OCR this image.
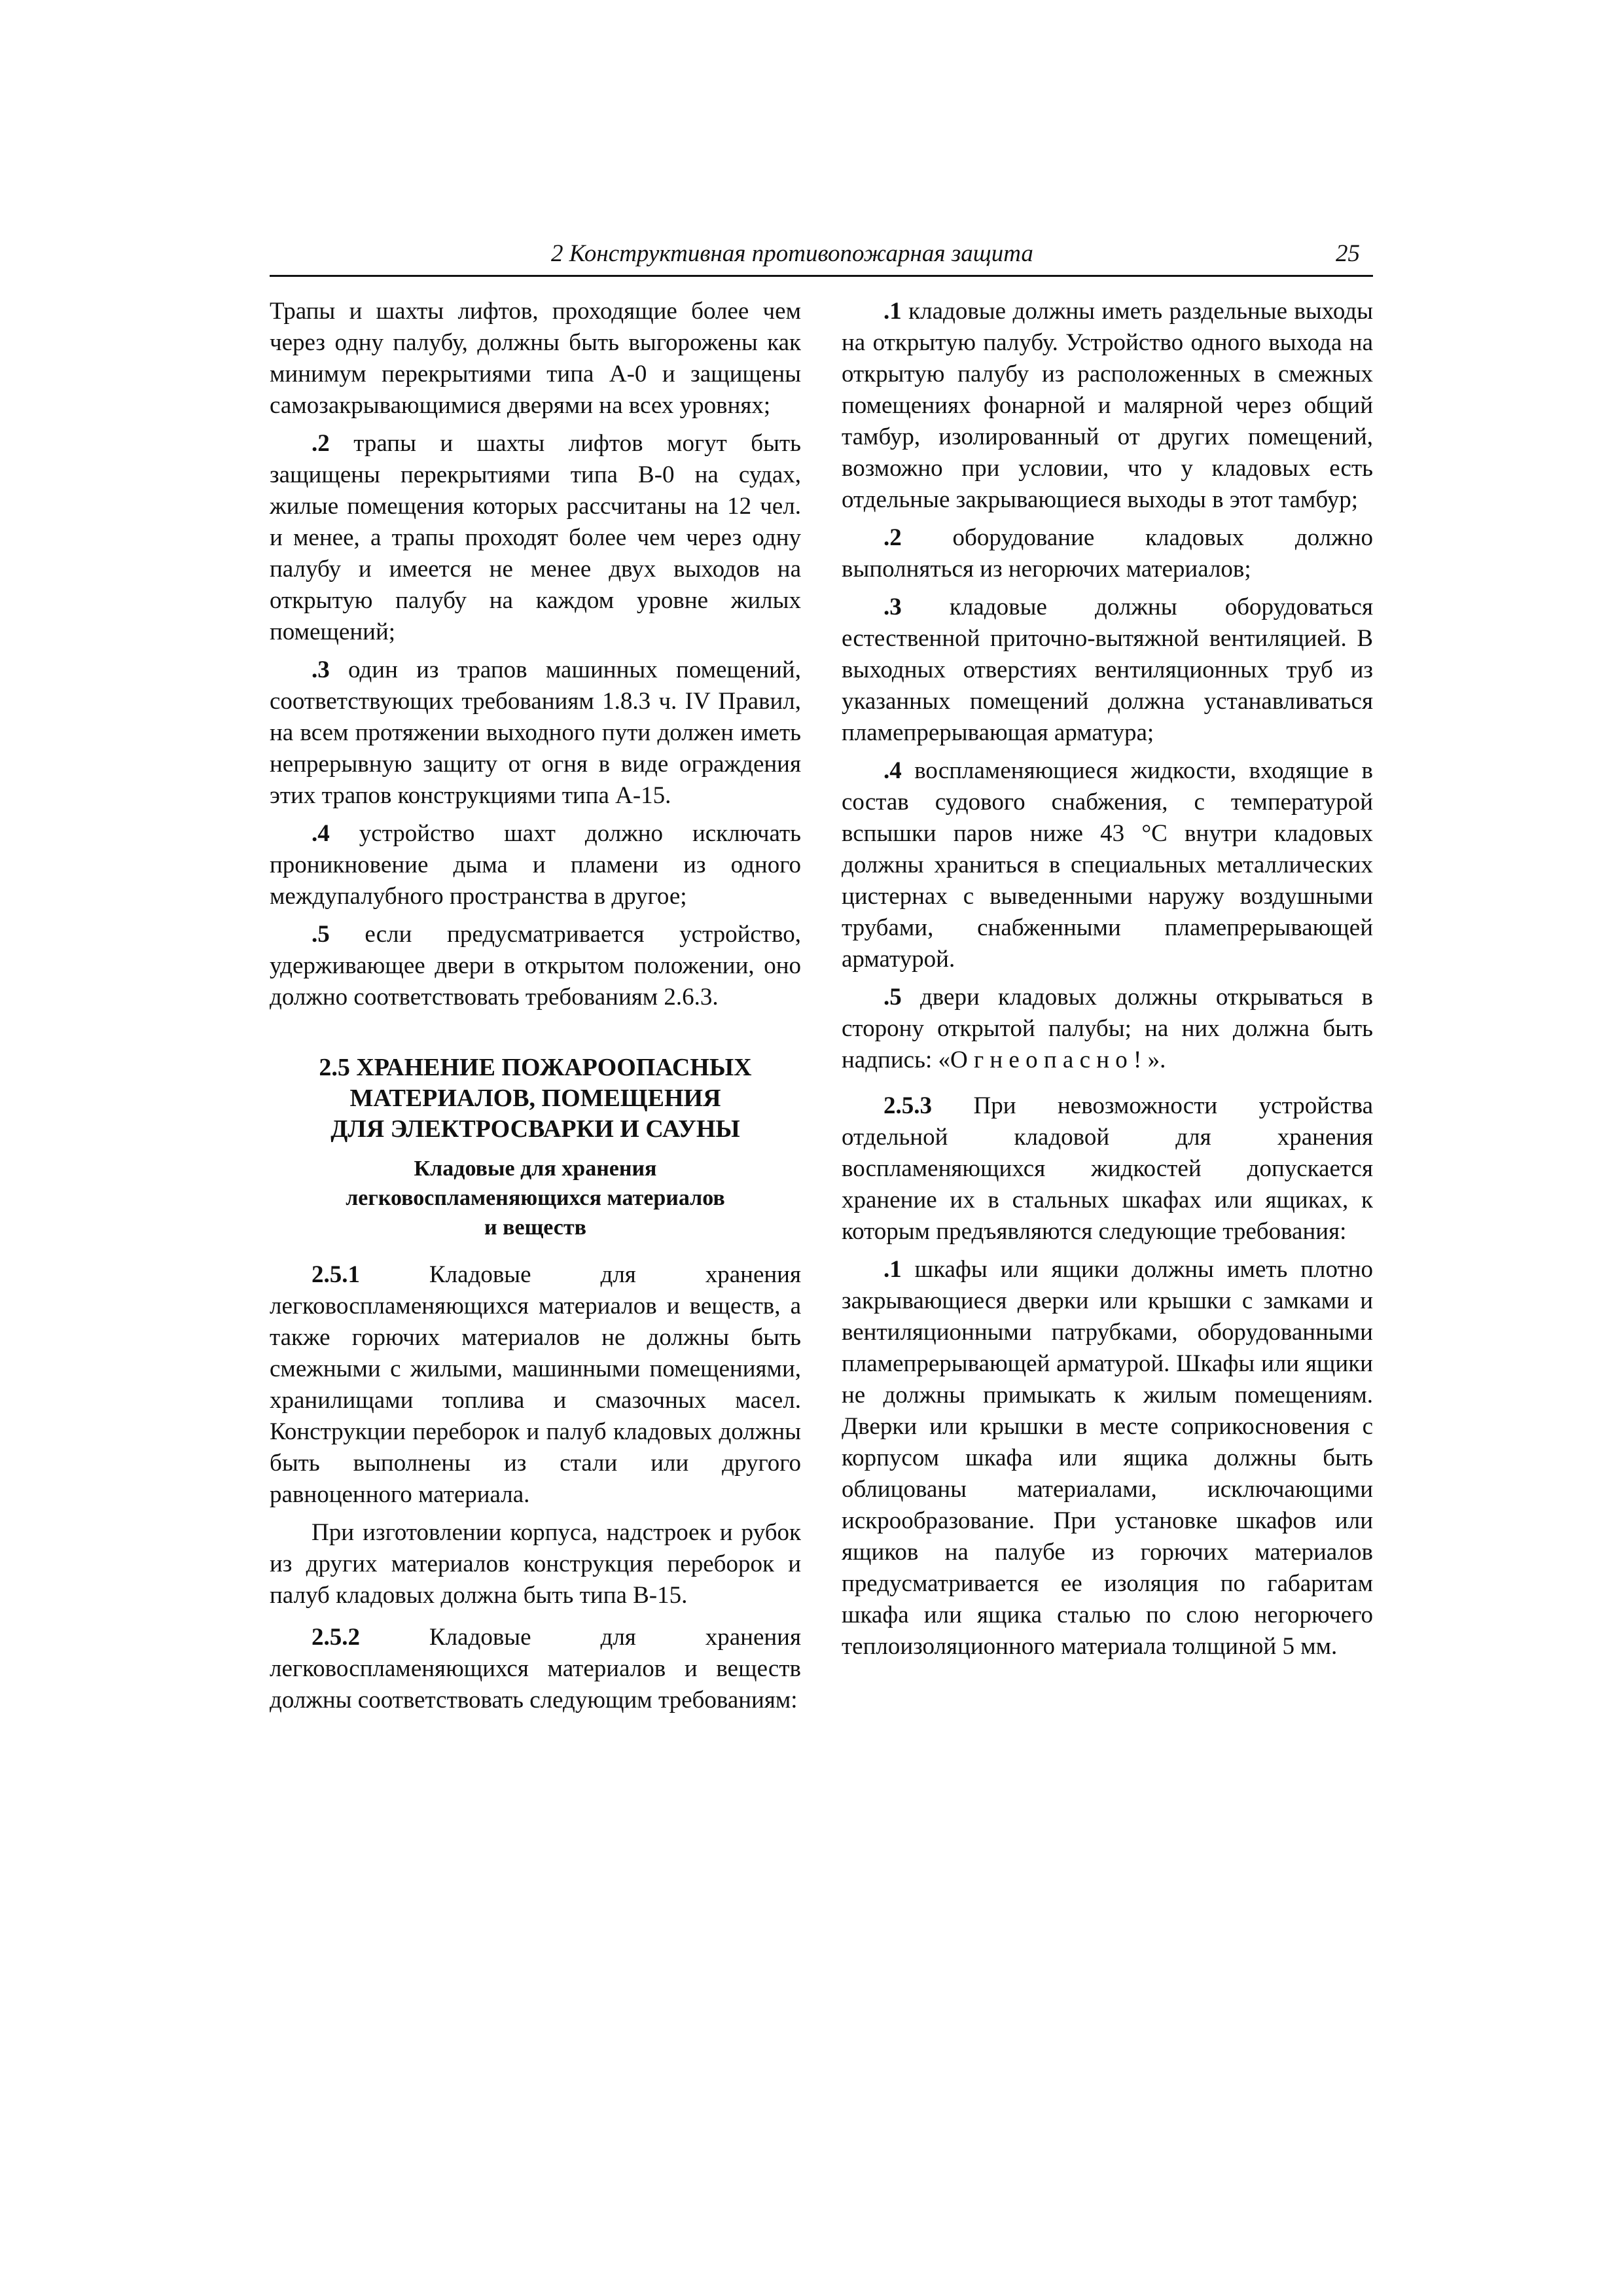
2 Конструктивная противопожарная защита	25

Трапы и шахты лифтов, проходящие более чем через одну палубу, должны быть выгорожены как минимум перекрытиями типа А-0 и защищены самозакрывающимися дверями на всех уровнях;

.2 трапы и шахты лифтов могут быть защищены перекрытиями типа В-0 на судах, жилые помещения которых рассчитаны на 12 чел. и менее, а трапы проходят более чем через одну палубу и имеется не менее двух выходов на открытую палубу на каждом уровне жилых помещений;

.3 один из трапов машинных помещений, соответствующих требованиям 1.8.3 ч. IV Правил, на всем протяжении выходного пути должен иметь непрерывную защиту от огня в виде ограждения этих трапов конструкциями типа А-15.

.4 устройство шахт должно исключать проникновение дыма и пламени из одного междупалубного пространства в другое;

.5 если предусматривается устройство, удерживающее двери в открытом положении, оно должно соответствовать требованиям 2.6.3.

2.5 ХРАНЕНИЕ ПОЖАРООПАСНЫХ
МАТЕРИАЛОВ, ПОМЕЩЕНИЯ
ДЛЯ ЭЛЕКТРОСВАРКИ И САУНЫ
Кладовые для хранения
легковоспламеняющихся материалов
и веществ

2.5.1 Кладовые для хранения легковоспламеняющихся материалов и веществ, а также горючих материалов не должны быть смежными с жилыми, машинными помещениями, хранилищами топлива и смазочных масел. Конструкции переборок и палуб кладовых должны быть выполнены из стали или другого равноценного материала.

При изготовлении корпуса, надстроек и рубок из других материалов конструкция переборок и палуб кладовых должна быть типа В-15.

2.5.2 Кладовые для хранения легковоспламеняющихся материалов и веществ должны соответствовать следующим требованиям:

.1 кладовые должны иметь раздельные выходы на открытую палубу. Устройство одного выхода на открытую палубу из расположенных в смежных помещениях фонарной и малярной через общий тамбур, изолированный от других помещений, возможно при условии, что у кладовых есть отдельные закрывающиеся выходы в этот тамбур;

.2 оборудование кладовых должно выполняться из негорючих материалов;

.3 кладовые должны оборудоваться естественной приточно-вытяжной вентиляцией. В выходных отверстиях вентиляционных труб из указанных помещений должна устанавливаться пламепрерывающая арматура;

.4 воспламеняющиеся жидкости, входящие в состав судового снабжения, с температурой вспышки паров ниже 43 °С внутри кладовых должны храниться в специальных металлических цистернах с выведенными наружу воздушными трубами, снабженными пламепрерывающей арматурой.

.5 двери кладовых должны открываться в сторону открытой палубы; на них должна быть надпись: «О г н е о п а с н о ! ».

2.5.3 При невозможности устройства отдельной кладовой для хранения воспламеняющихся жидкостей допускается хранение их в стальных шкафах или ящиках, к которым предъявляются следующие требования:

.1 шкафы или ящики должны иметь плотно закрывающиеся дверки или крышки с замками и вентиляционными патрубками, оборудованными пламепрерывающей арматурой. Шкафы или ящики не должны примыкать к жилым помещениям. Дверки или крышки в месте соприкосновения с корпусом шкафа или ящика должны быть облицованы материалами, исключающими искрообразование. При установке шкафов или ящиков на палубе из горючих материалов предусматривается ее изоляция по габаритам шкафа или ящика сталью по слою негорючего теплоизоляционного материала толщиной 5 мм.
